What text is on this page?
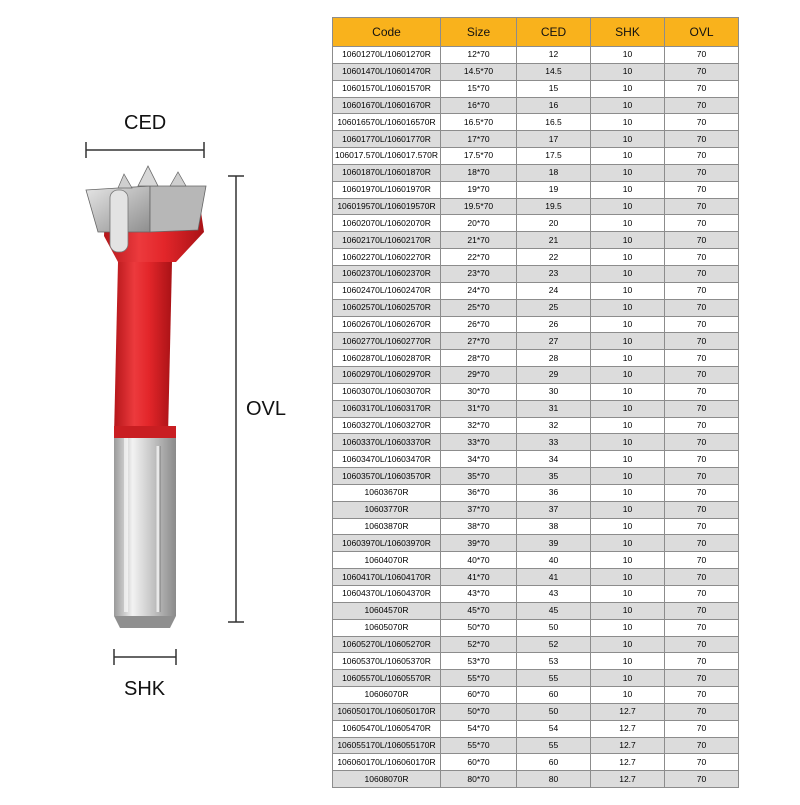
CED
OVL
SHK
Code	Size	CED	SHK	OVL
10601270L/10601270R	12*70	12	10	70
10601470L/10601470R	14.5*70	14.5	10	70
10601570L/10601570R	15*70	15	10	70
10601670L/10601670R	16*70	16	10	70
106016570L/106016570R	16.5*70	16.5	10	70
10601770L/10601770R	17*70	17	10	70
106017.570L/106017.570R	17.5*70	17.5	10	70
10601870L/10601870R	18*70	18	10	70
10601970L/10601970R	19*70	19	10	70
106019570L/106019570R	19.5*70	19.5	10	70
10602070L/10602070R	20*70	20	10	70
10602170L/10602170R	21*70	21	10	70
10602270L/10602270R	22*70	22	10	70
10602370L/10602370R	23*70	23	10	70
10602470L/10602470R	24*70	24	10	70
10602570L/10602570R	25*70	25	10	70
10602670L/10602670R	26*70	26	10	70
10602770L/10602770R	27*70	27	10	70
10602870L/10602870R	28*70	28	10	70
10602970L/10602970R	29*70	29	10	70
10603070L/10603070R	30*70	30	10	70
10603170L/10603170R	31*70	31	10	70
10603270L/10603270R	32*70	32	10	70
10603370L/10603370R	33*70	33	10	70
10603470L/10603470R	34*70	34	10	70
10603570L/10603570R	35*70	35	10	70
10603670R	36*70	36	10	70
10603770R	37*70	37	10	70
10603870R	38*70	38	10	70
10603970L/10603970R	39*70	39	10	70
10604070R	40*70	40	10	70
10604170L/10604170R	41*70	41	10	70
10604370L/10604370R	43*70	43	10	70
10604570R	45*70	45	10	70
10605070R	50*70	50	10	70
10605270L/10605270R	52*70	52	10	70
10605370L/10605370R	53*70	53	10	70
10605570L/10605570R	55*70	55	10	70
10606070R	60*70	60	10	70
106050170L/106050170R	50*70	50	12.7	70
10605470L/10605470R	54*70	54	12.7	70
106055170L/106055170R	55*70	55	12.7	70
106060170L/106060170R	60*70	60	12.7	70
10608070R	80*70	80	12.7	70
